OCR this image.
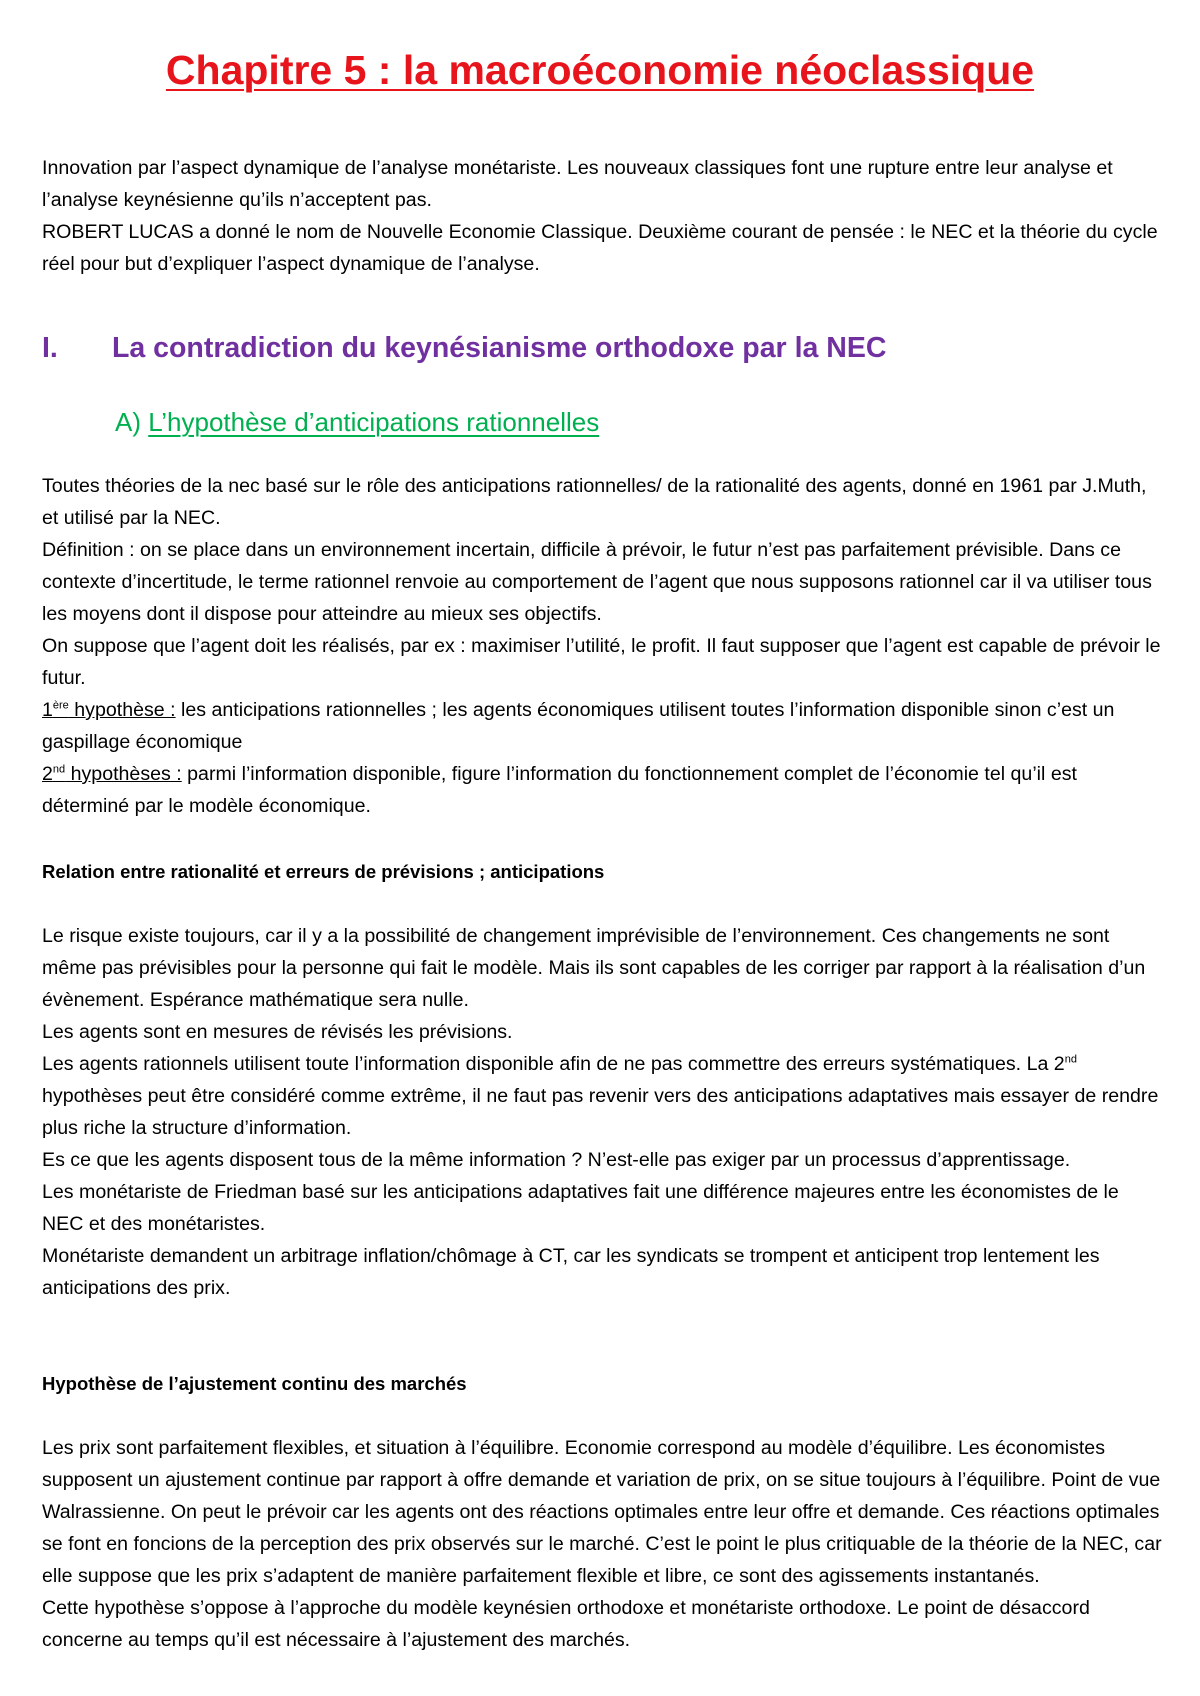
Chapitre 5 : la macroéconomie néoclassique

Innovation par l’aspect dynamique de l’analyse monétariste. Les nouveaux classiques font une rupture entre leur analyse et l’analyse keynésienne qu’ils n’acceptent pas.

ROBERT LUCAS a donné le nom de Nouvelle Economie Classique. Deuxième courant de pensée : le NEC et la théorie du cycle réel pour but d’expliquer l’aspect dynamique de l’analyse.

I. La contradiction du keynésianisme orthodoxe par la NEC
A) L’hypothèse d’anticipations rationnelles

Toutes théories de la nec basé sur le rôle des anticipations rationnelles/ de la rationalité des agents, donné en 1961 par J.Muth, et utilisé par la NEC.

Définition : on se place dans un environnement incertain, difficile à prévoir, le futur n’est pas parfaitement prévisible. Dans ce contexte d’incertitude, le terme rationnel renvoie au comportement de l’agent que nous supposons rationnel car il va utiliser tous les moyens dont il dispose pour atteindre au mieux ses objectifs.

On suppose que l’agent doit les réalisés, par ex : maximiser l’utilité, le profit. Il faut supposer que l’agent est capable de prévoir le futur.

1ère hypothèse : les anticipations rationnelles ; les agents économiques utilisent toutes l’information disponible sinon c’est un gaspillage économique

2nd hypothèses : parmi l’information disponible, figure l’information du fonctionnement complet de l’économie tel qu’il est déterminé par le modèle économique.

Relation entre rationalité et erreurs de prévisions ; anticipations

Le risque existe toujours, car il y a la possibilité de changement imprévisible de l’environnement. Ces changements ne sont même pas prévisibles pour la personne qui fait le modèle. Mais ils sont capables de les corriger par rapport à la réalisation d’un évènement. Espérance mathématique sera nulle.

Les agents sont en mesures de révisés les prévisions.

Les agents rationnels utilisent toute l’information disponible afin de ne pas commettre des erreurs systématiques. La 2nd hypothèses peut être considéré comme extrême, il ne faut pas revenir vers des anticipations adaptatives mais essayer de rendre plus riche la structure d’information.

Es ce que les agents disposent tous de la même information ? N’est-elle pas exiger par un processus d’apprentissage.

Les monétariste de Friedman basé sur les anticipations adaptatives fait une différence majeures entre les économistes de le NEC et des monétaristes.

Monétariste demandent un arbitrage inflation/chômage à CT, car les syndicats se trompent et anticipent trop lentement les anticipations des prix.

Hypothèse de l’ajustement continu des marchés

Les prix sont parfaitement flexibles, et situation à l’équilibre. Economie correspond au modèle d’équilibre. Les économistes supposent un ajustement continue par rapport à offre demande et variation de prix, on se situe toujours à l’équilibre. Point de vue Walrassienne. On peut le prévoir car les agents ont des réactions optimales entre leur offre et demande. Ces réactions optimales se font en foncions de la perception des prix observés sur le marché. C’est le point le plus critiquable de la théorie de la NEC, car elle suppose que les prix s’adaptent de manière parfaitement flexible et libre, ce sont des agissements instantanés.

Cette hypothèse s’oppose à l’approche du modèle keynésien orthodoxe et monétariste orthodoxe. Le point de désaccord concerne au temps qu’il est nécessaire à l’ajustement des marchés.
